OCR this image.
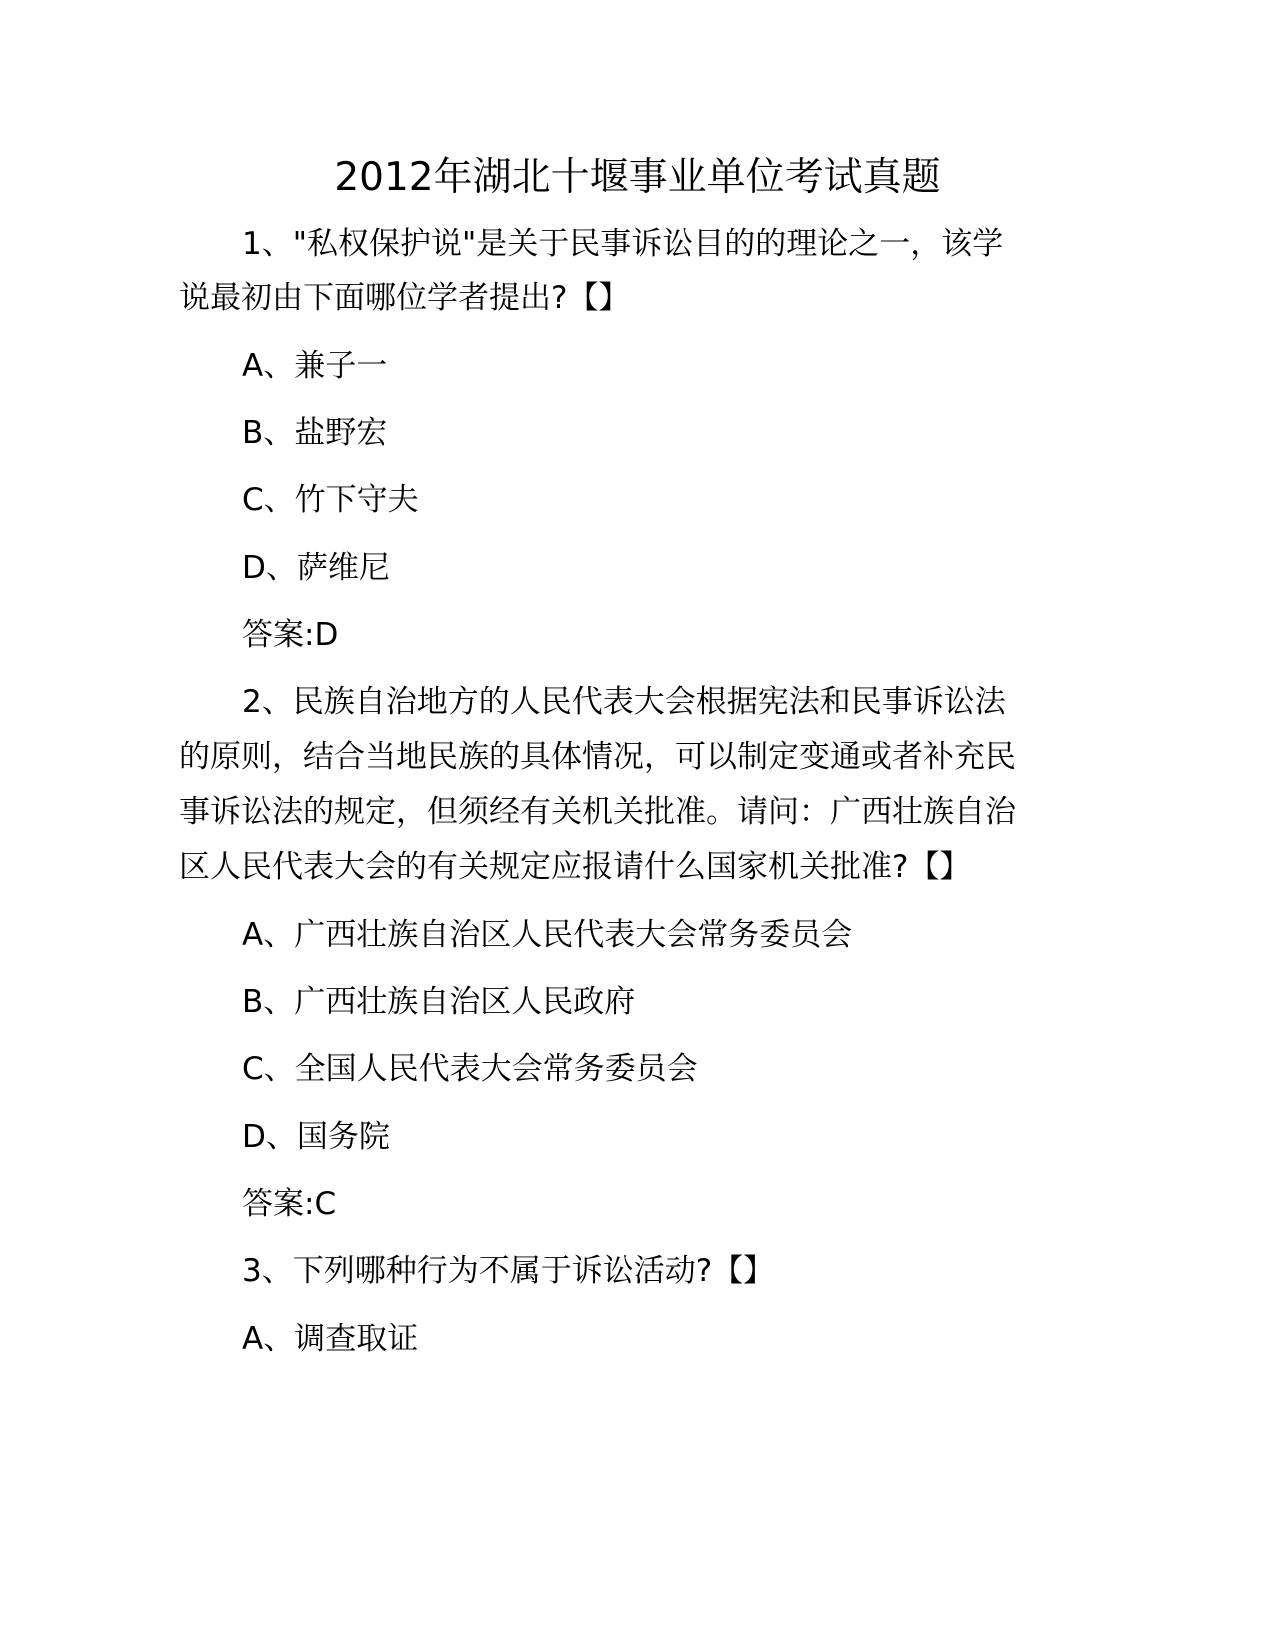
2012年湖北十堰事业单位考试真题
1、"私权保护说"是关于民事诉讼目的的理论之一，该学
说最初由下面哪位学者提出?【】
A、兼子一
B、盐野宏
C、竹下守夫
D、萨维尼
答案:D
2、民族自治地方的人民代表大会根据宪法和民事诉讼法
的原则，结合当地民族的具体情况，可以制定变通或者补充民
事诉讼法的规定，但须经有关机关批准。请问：广西壮族自治
区人民代表大会的有关规定应报请什么国家机关批准?【】
A、广西壮族自治区人民代表大会常务委员会
B、广西壮族自治区人民政府
C、全国人民代表大会常务委员会
D、国务院
答案:C
3、下列哪种行为不属于诉讼活动?【】
A、调查取证
